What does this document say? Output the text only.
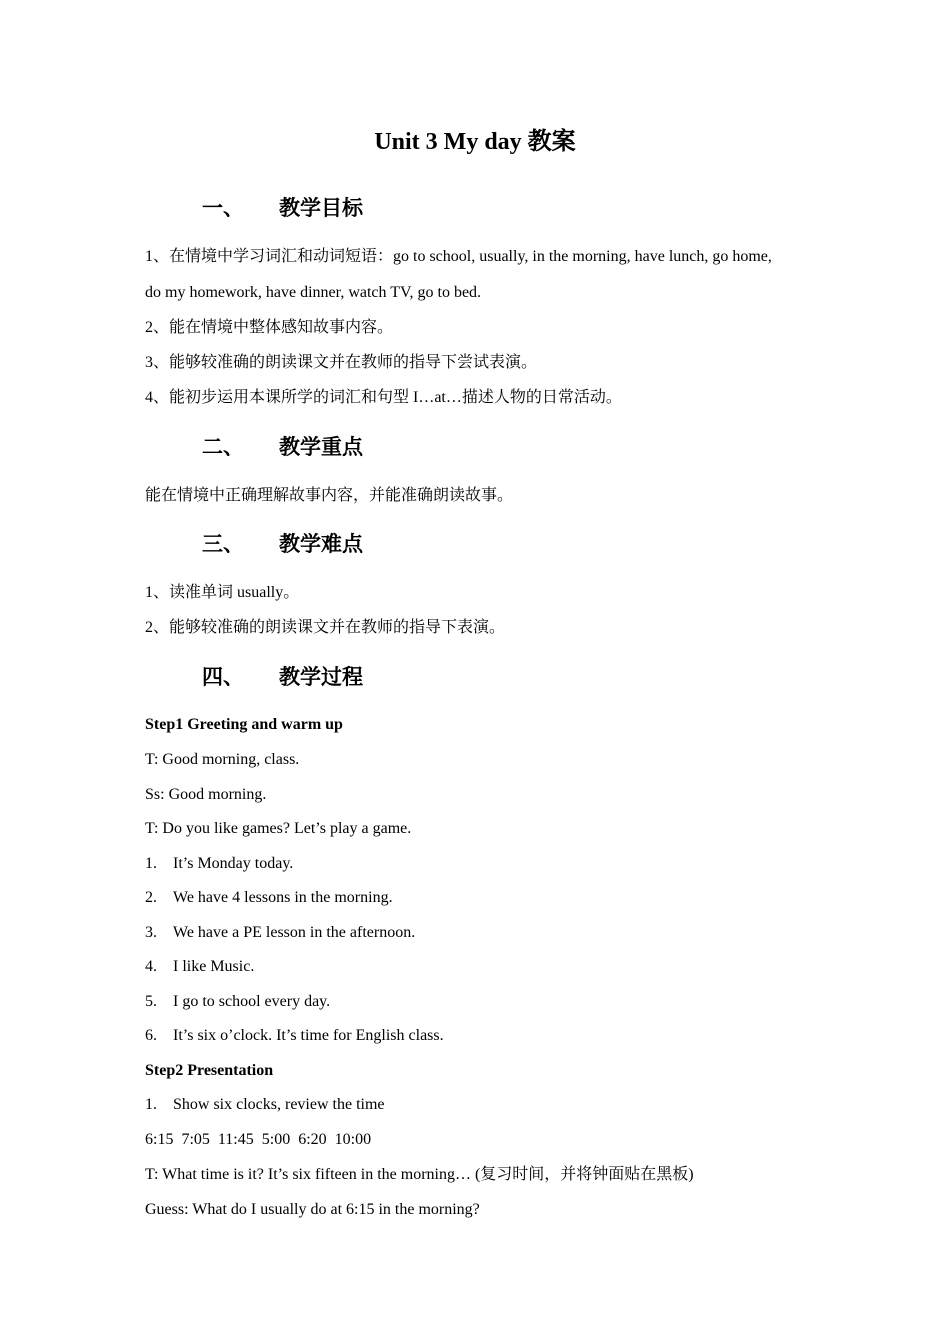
Unit 3 My day 教案
一、 教学目标
1、在情境中学习词汇和动词短语：go to school, usually, in the morning, have lunch, go home,
do my homework, have dinner, watch TV, go to bed.
2、能在情境中整体感知故事内容。
3、能够较准确的朗读课文并在教师的指导下尝试表演。
4、能初步运用本课所学的词汇和句型 I…at…描述人物的日常活动。
二、 教学重点
能在情境中正确理解故事内容，并能准确朗读故事。
三、 教学难点
1、读准单词 usually。
2、能够较准确的朗读课文并在教师的指导下表演。
四、 教学过程
Step1 Greeting and warm up
T: Good morning, class.
Ss: Good morning.
T: Do you like games? Let’s play a game.
1. It’s Monday today.
2. We have 4 lessons in the morning.
3. We have a PE lesson in the afternoon.
4. I like Music.
5. I go to school every day.
6. It’s six o’clock. It’s time for English class.
Step2 Presentation
1. Show six clocks, review the time
6:15  7:05  11:45  5:00  6:20  10:00
T: What time is it? It’s six fifteen in the morning… (复习时间，并将钟面贴在黑板)
Guess: What do I usually do at 6:15 in the morning?
